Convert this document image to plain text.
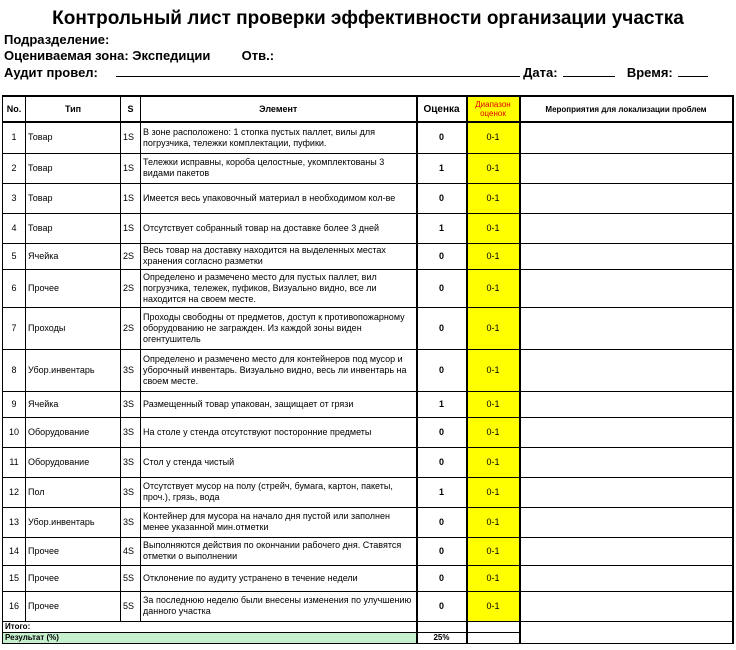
Контрольный лист проверки эффективности организации участка
Подразделение:
Оцениваемая зона: Экспедиции Отв.:
Аудит провел:	Дата:	Время:
No.	Тип	S	Элемент	Оценка	Диапазон оценок	Мероприятия для локализации проблем
1	Товар	1S	В зоне расположено: 1 стопка пустых паллет, вилы для погрузчика, тележки комплектации, пуфики.	0	0-1	
2	Товар	1S	Тележки исправны, короба целостные, укомплектованы 3 видами пакетов	1	0-1	
3	Товар	1S	Имеется весь упаковочный материал в необходимом кол-ве	0	0-1	
4	Товар	1S	Отсутствует собранный товар на доставке более 3 дней	1	0-1	
5	Ячейка	2S	Весь товар на доставку находится на выделенных местах хранения согласно разметки	0	0-1	
6	Прочее	2S	Определено и размечено место для пустых паллет, вил погрузчика, тележек, пуфиков, Визуально видно, все ли находится на своем месте.	0	0-1	
7	Проходы	2S	Проходы свободны от предметов, доступ к противопожарному оборудованию не загражден. Из каждой зоны виден огентушитель	0	0-1	
8	Убор.инвентарь	3S	Определено и размечено место для контейнеров под мусор и уборочный инвентарь. Визуально видно, весь ли инвентарь на своем месте.	0	0-1	
9	Ячейка	3S	Размещенный товар упакован, защищает от грязи	1	0-1	
10	Оборудование	3S	На столе у стенда отсутствуют посторонние предметы	0	0-1	
11	Оборудование	3S	Стол у стенда чистый	0	0-1	
12	Пол	3S	Отсутствует мусор на полу (стрейч, бумага, картон, пакеты, проч.), грязь, вода	1	0-1	
13	Убор.инвентарь	3S	Контейнер для мусора на начало дня пустой или заполнен менее указанной мин.отметки	0	0-1	
14	Прочее	4S	Выполняются действия по окончании рабочего дня. Ставятся отметки о выполнении	0	0-1	
15	Прочее	5S	Отклонение по аудиту устранено в течение недели	0	0-1	
16	Прочее	5S	За последнюю неделю были внесены изменения по улучшению данного участка	0	0-1	
Итого:						
Результат (%)				25%		
